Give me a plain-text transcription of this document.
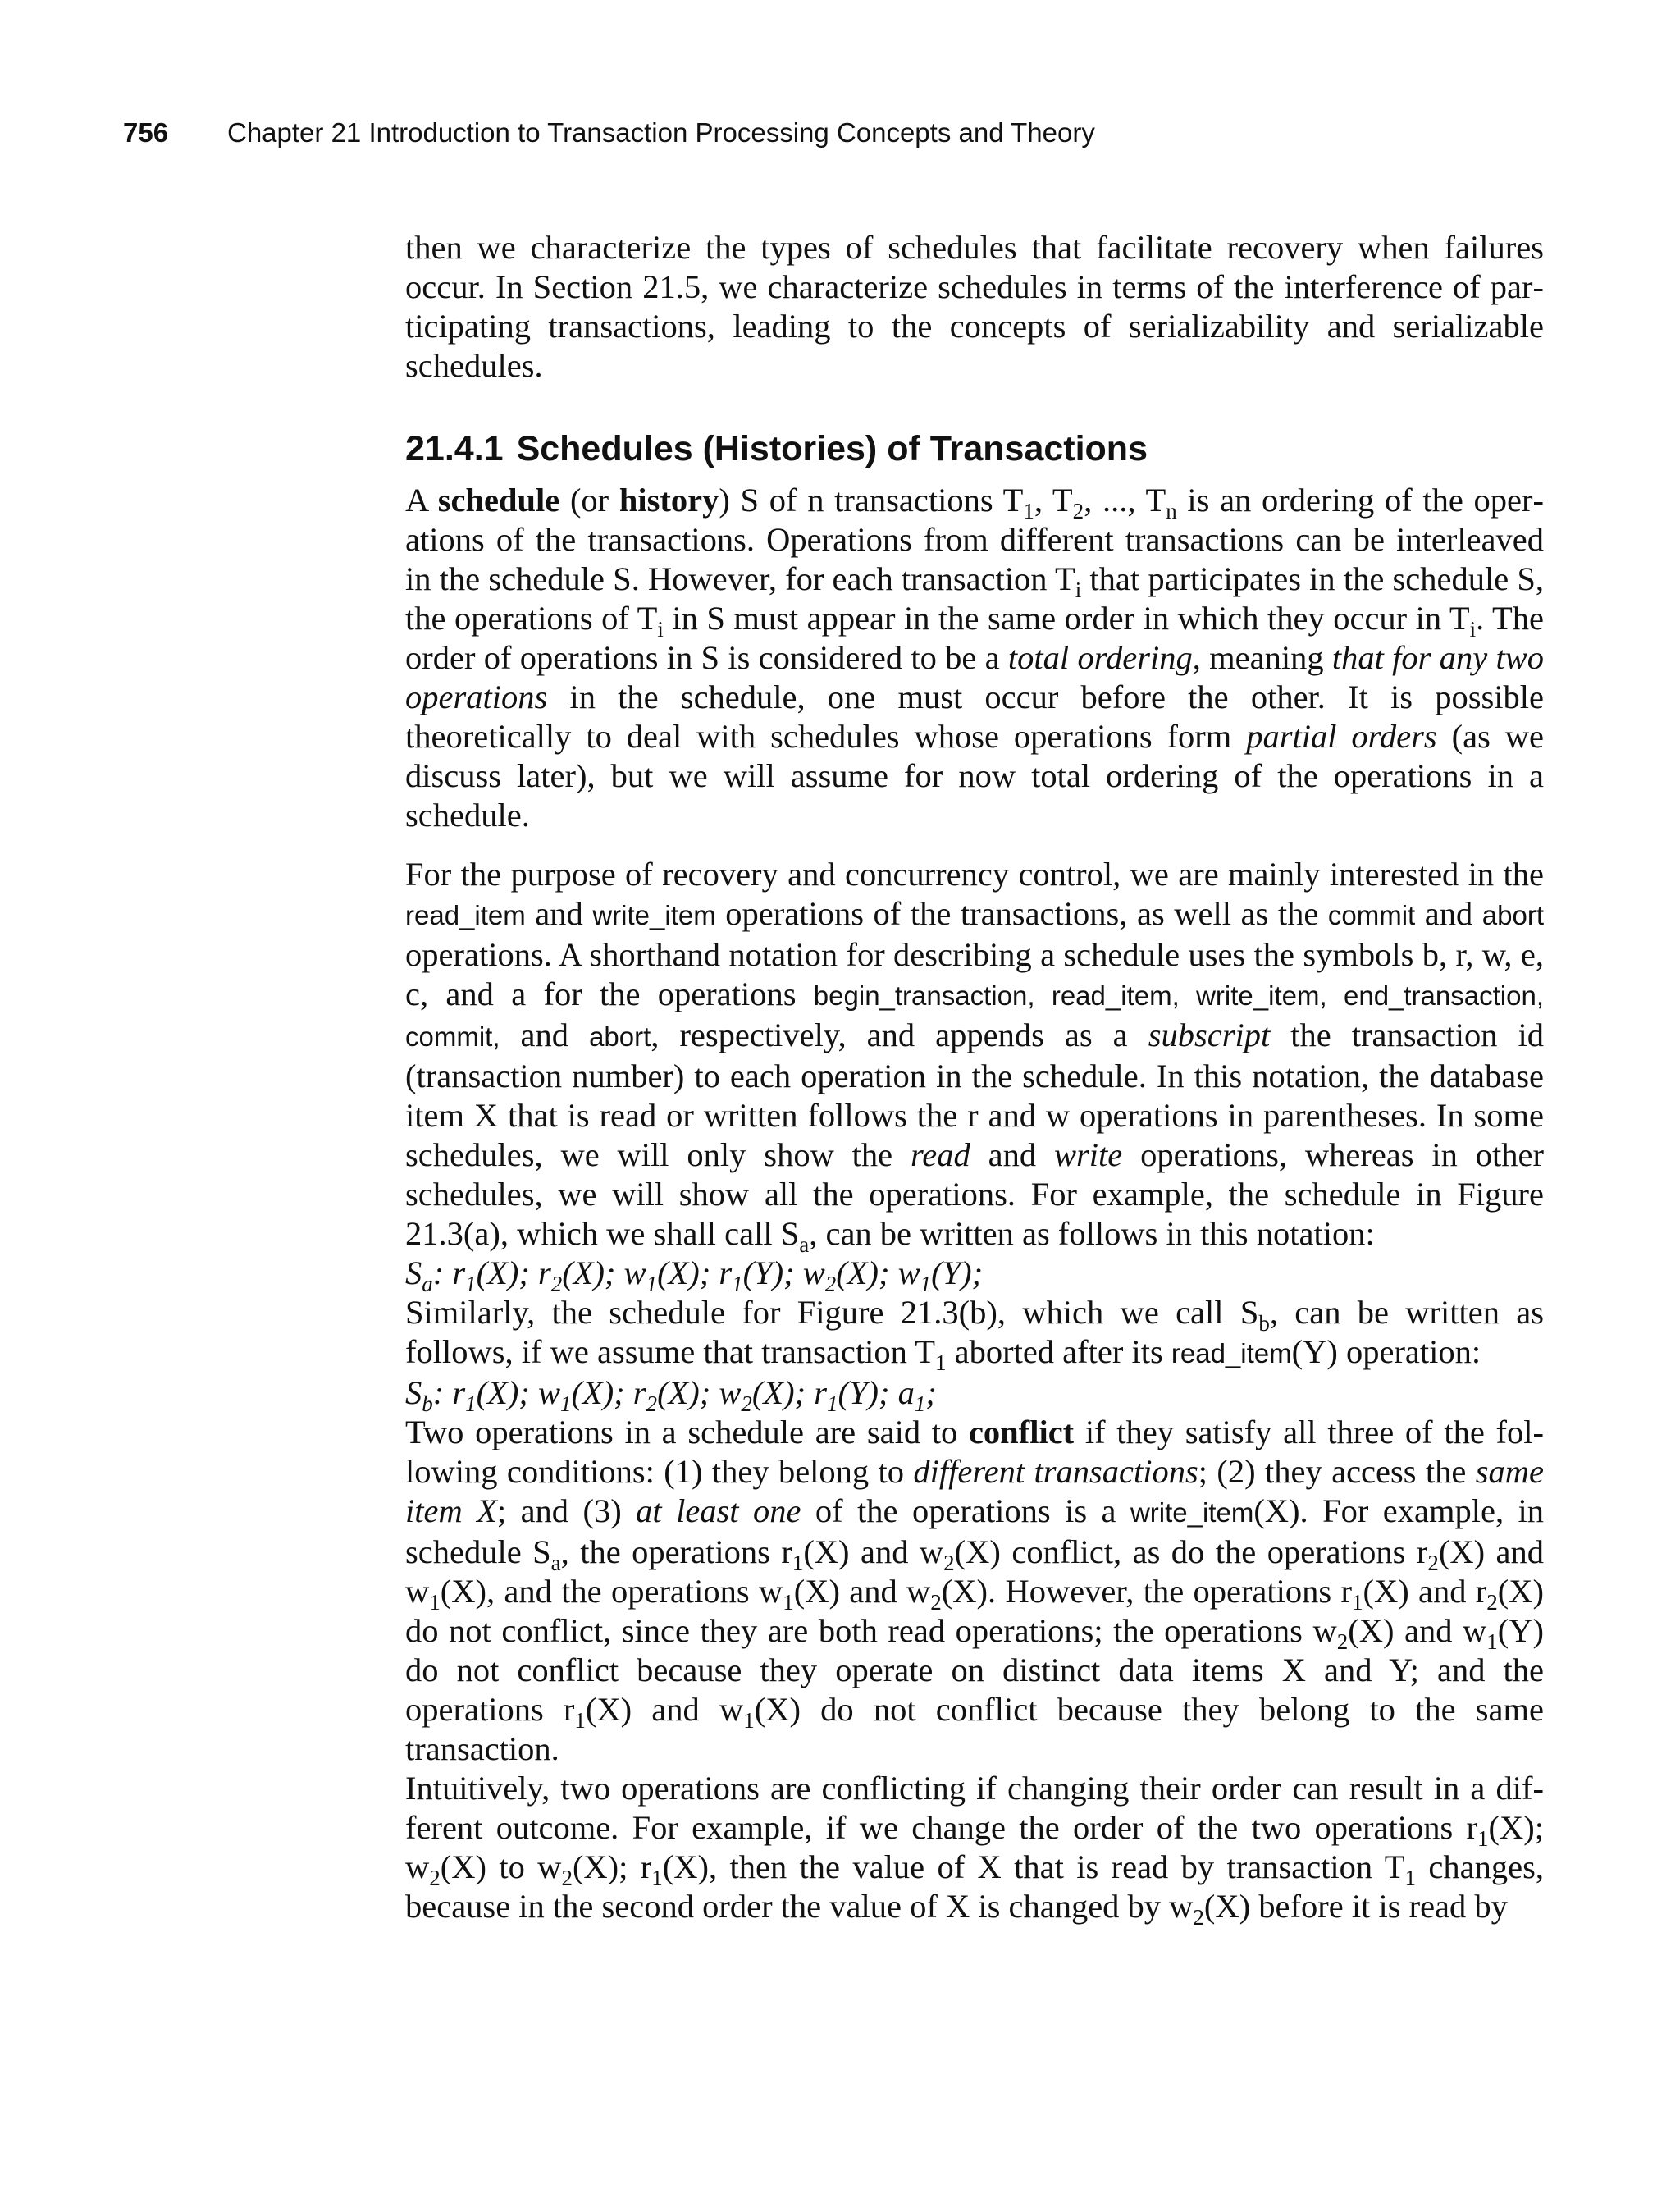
756 Chapter 21 Introduction to Transaction Processing Concepts and Theory

then we characterize the types of schedules that facilitate recovery when failures occur. In Section 21.5, we characterize schedules in terms of the interference of participating transactions, leading to the concepts of serializability and serializable schedules.

21.4.1 Schedules (Histories) of Transactions

A schedule (or history) S of n transactions $T_1$, $T_2$, ..., $T_n$ is an ordering of the operations of the transactions. Operations from different transactions can be interleaved in the schedule S. However, for each transaction $T_i$ that participates in the schedule S, the operations of $T_i$ in S must appear in the same order in which they occur in $T_i$. The order of operations in S is considered to be a total ordering, meaning that for any two operations in the schedule, one must occur before the other. It is possible theoretically to deal with schedules whose operations form partial orders (as we discuss later), but we will assume for now total ordering of the operations in a schedule.

For the purpose of recovery and concurrency control, we are mainly interested in the read_item and write_item operations of the transactions, as well as the commit and abort operations. A shorthand notation for describing a schedule uses the symbols b, r, w, e, c, and a for the operations begin_transaction, read_item, write_item, end_transaction, commit, and abort, respectively, and appends as a subscript the transaction id (transaction number) to each operation in the schedule. In this notation, the database item X that is read or written follows the r and w operations in parentheses. In some schedules, we will only show the read and write operations, whereas in other schedules, we will show all the operations. For example, the schedule in Figure 21.3(a), which we shall call $S_a$, can be written as follows in this notation:

$S_a$: $r_1(X)$; $r_2(X)$; $w_1(X)$; $r_1(Y)$; $w_2(X)$; $w_1(Y)$;

Similarly, the schedule for Figure 21.3(b), which we call $S_b$, can be written as follows, if we assume that transaction $T_1$ aborted after its read_item(Y) operation:

$S_b$: $r_1(X)$; $w_1(X)$; $r_2(X)$; $w_2(X)$; $r_1(Y)$; $a_1$;

Two operations in a schedule are said to conflict if they satisfy all three of the following conditions: (1) they belong to different transactions; (2) they access the same item X; and (3) at least one of the operations is a write_item(X). For example, in schedule $S_a$, the operations $r_1(X)$ and $w_2(X)$ conflict, as do the operations $r_2(X)$ and $w_1(X)$, and the operations $w_1(X)$ and $w_2(X)$. However, the operations $r_1(X)$ and $r_2(X)$ do not conflict, since they are both read operations; the operations $w_2(X)$ and $w_1(Y)$ do not conflict because they operate on distinct data items X and Y; and the operations $r_1(X)$ and $w_1(X)$ do not conflict because they belong to the same transaction.

Intuitively, two operations are conflicting if changing their order can result in a different outcome. For example, if we change the order of the two operations $r_1(X)$; $w_2(X)$ to $w_2(X)$; $r_1(X)$, then the value of X that is read by transaction $T_1$ changes, because in the second order the value of X is changed by $w_2(X)$ before it is read by
